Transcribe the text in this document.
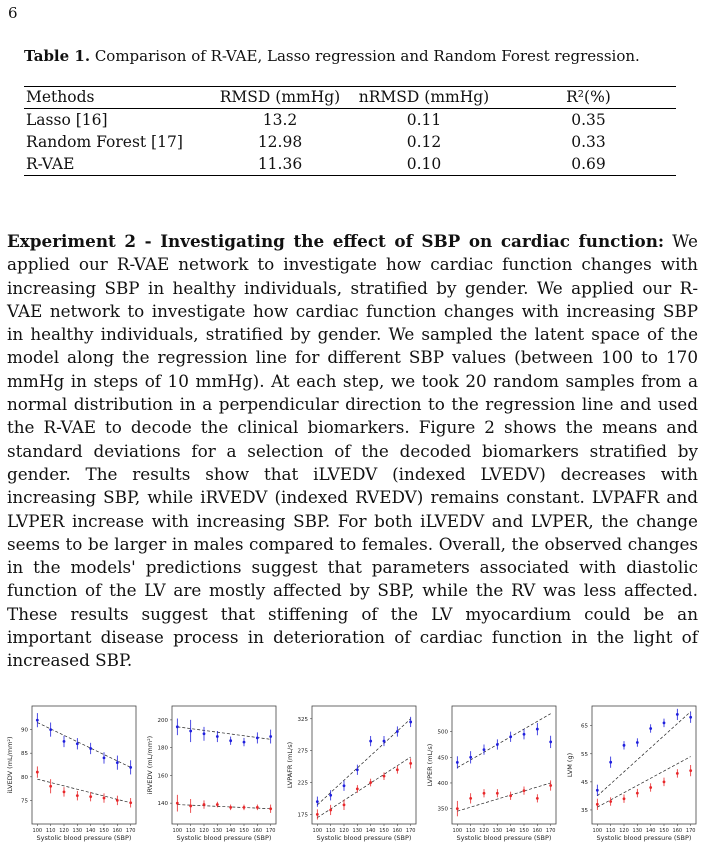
6
Table 1. Comparison of R-VAE, Lasso regression and Random Forest regression.
Methods	RMSD (mmHg)	nRMSD (mmHg)	R²(%)
Lasso [16]	13.2	0.11	0.35
Random Forest [17]	12.98	0.12	0.33
R-VAE	11.36	0.10	0.69
Experiment 2 - Investigating the effect of SBP on cardiac function: We applied our R-VAE network to investigate how cardiac function changes with increasing SBP in healthy individuals, stratified by gender. We applied our R-VAE network to investigate how cardiac function changes with increasing SBP in healthy individuals, stratified by gender. We sampled the latent space of the model along the regression line for different SBP values (between 100 to 170 mmHg in steps of 10 mmHg). At each step, we took 20 random samples from a normal distribution in a perpendicular direction to the regression line and used the R-VAE to decode the clinical biomarkers. Figure 2 shows the means and standard deviations for a selection of the decoded biomarkers stratified by gender. The results show that iLVEDV (indexed LVEDV) decreases with increasing SBP, while iRVEDV (indexed RVEDV) remains constant. LVPAFR and LVPER increase with increasing SBP. For both iLVEDV and LVPER, the change seems to be larger in males compared to females. Overall, the observed changes in the models' predictions suggest that parameters associated with diastolic function of the LV are mostly affected by SBP, while the RV was less affected. These results suggest that stiffening of the LV myocardium could be an important disease process in deterioration of cardiac function in the light of increased SBP.
90
85
80
75
100 110 120 130 140 150 160 170
Systolic blood pressure (SBP)
iLVEDV (mL/mm²)
200
180
160
140
100 110 120 130 140 150 160 170
Systolic blood pressure (SBP)
iRVEDV (mL/mm²)
325
275
225
175
100 110 120 130 140 150 160 170
Systolic blood pressure (SBP)
LVPAFR (mL/s)
500
450
400
350
100 110 120 130 140 150 160 170
Systolic blood pressure (SBP)
LVPER (mL/s)
65
55
45
35
100 110 120 130 140 150 160 170
Systolic blood pressure (SBP)
LVM (g)
